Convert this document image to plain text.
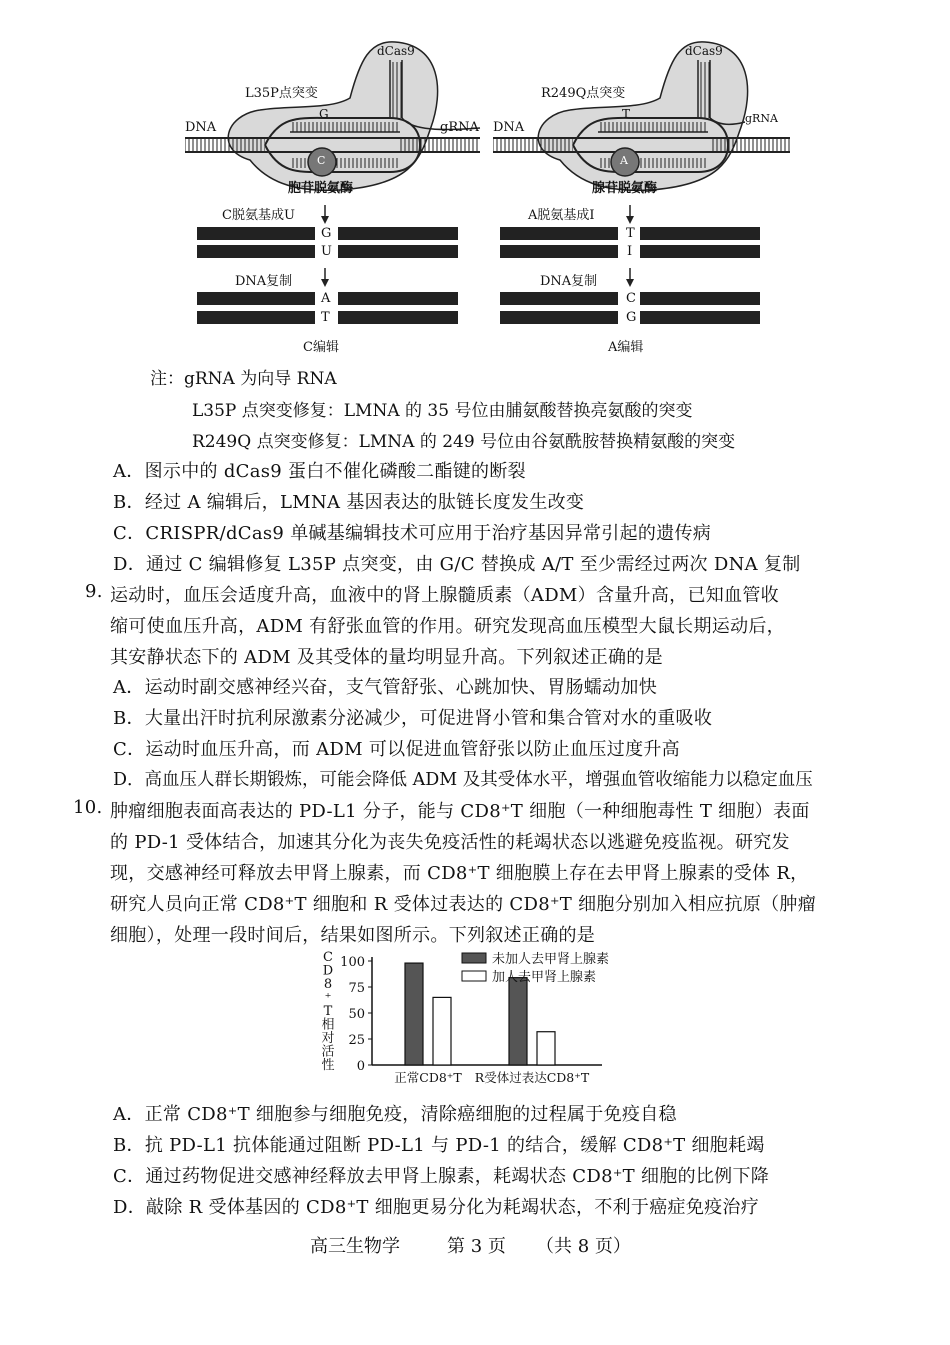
L35P点突变
dCas9
DNA	gRNA
G
C
胞苷脱氨酶
C脱氨基成U
G
U
DNA复制
A
T
C编辑
R249Q点突变
dCas9
DNA
gRNA
T
A
腺苷脱氨酶
A脱氨基成I
T
I
DNA复制
C
G
A编辑
注：gRNA 为向导 RNA
L35P 点突变修复：LMNA 的 35 号位由脯氨酸替换亮氨酸的突变
R249Q 点突变修复：LMNA 的 249 号位由谷氨酰胺替换精氨酸的突变
A．图示中的 dCas9 蛋白不催化磷酸二酯键的断裂
B．经过 A 编辑后，LMNA 基因表达的肽链长度发生改变
C．CRISPR/dCas9 单碱基编辑技术可应用于治疗基因异常引起的遗传病
D．通过 C 编辑修复 L35P 点突变，由 G/C 替换成 A/T 至少需经过两次 DNA 复制
9. 运动时，血压会适度升高，血液中的肾上腺髓质素（ADM）含量升高，已知血管收
缩可使血压升高，ADM 有舒张血管的作用。研究发现高血压模型大鼠长期运动后，
其安静状态下的 ADM 及其受体的量均明显升高。下列叙述正确的是
A．运动时副交感神经兴奋，支气管舒张、心跳加快、胃肠蠕动加快
B．大量出汗时抗利尿激素分泌减少，可促进肾小管和集合管对水的重吸收
C．运动时血压升高，而 ADM 可以促进血管舒张以防止血压过度升高
D．高血压人群长期锻炼，可能会降低 ADM 及其受体水平，增强血管收缩能力以稳定血压
10. 肿瘤细胞表面高表达的 PD-L1 分子，能与 CD8⁺T 细胞（一种细胞毒性 T 细胞）表面
的 PD-1 受体结合，加速其分化为丧失免疫活性的耗竭状态以逃避免疫监视。研究发
现，交感神经可释放去甲肾上腺素，而 CD8⁺T 细胞膜上存在去甲肾上腺素的受体 R，
研究人员向正常 CD8⁺T 细胞和 R 受体过表达的 CD8⁺T 细胞分别加入相应抗原（肿瘤
细胞），处理一段时间后，结果如图所示。下列叙述正确的是
100
75
50
25
0
C
D
8
⁺
T
相
对
活
性
正常CD8⁺T R受体过表达CD8⁺T
未加人去甲肾上腺素
加人去甲肾上腺素
A．正常 CD8⁺T 细胞参与细胞免疫，清除癌细胞的过程属于免疫自稳
B．抗 PD-L1 抗体能通过阻断 PD-L1 与 PD-1 的结合，缓解 CD8⁺T 细胞耗竭
C．通过药物促进交感神经释放去甲肾上腺素，耗竭状态 CD8⁺T 细胞的比例下降
D．敲除 R 受体基因的 CD8⁺T 细胞更易分化为耗竭状态，不利于癌症免疫治疗
高三生物学	第 3 页 （共 8 页）
